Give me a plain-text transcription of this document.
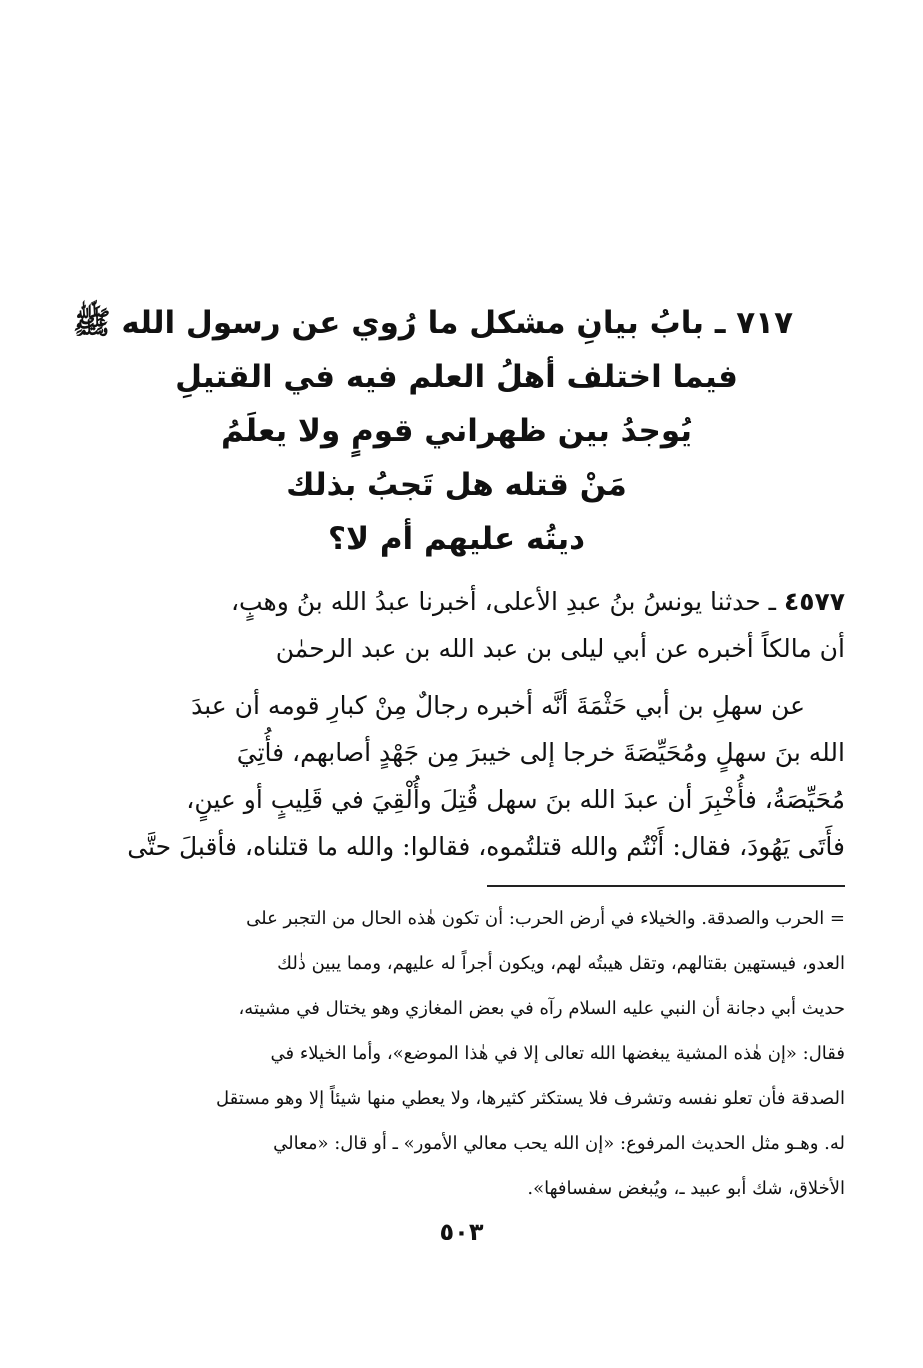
٧١٧ ـ بابُ بيانِ مشكل ما رُوي عن رسول الله ﷺ
فيما اختلف أهلُ العلم فيه في القتيلِ
يُوجدُ بين ظهراني قومٍ ولا يعلَمُ
مَنْ قتله هل تَجبُ بذلك
ديتُه عليهم أم لا؟
٤٥٧٧ ـ حدثنا يونسُ بنُ عبدِ الأعلى، أخبرنا عبدُ الله بنُ وهبٍ،
أن مالكاً أخبره عن أبي ليلى بن عبد الله بن عبد الرحمٰن
عن سهلِ بن أبي حَثْمَةَ أنَّه أخبره رجالٌ مِنْ كبارِ قومه أن عبدَ
الله بنَ سهلٍ ومُحَيِّصَةَ خرجا إلى خيبرَ مِن جَهْدٍ أصابهم، فأُتِيَ
مُحَيِّصَةُ، فأُخْبِرَ أن عبدَ الله بنَ سهل قُتِلَ وأُلْقِيَ في قَلِيبٍ أو عينٍ،
فأَتَى يَهُودَ، فقال: أَنْتُم والله قتلتُموه، فقالوا: والله ما قتلناه، فأقبلَ حتَّى
= الحرب والصدقة. والخيلاء في أرض الحرب: أن تكون هٰذه الحال من التجبر على
العدو، فيستهين بقتالهم، وتقل هيبتُه لهم، ويكون أجراً له عليهم، ومما يبين ذٰلك
حديث أبي دجانة أن النبي عليه السلام رآه في بعض المغازي وهو يختال في مشيته،
فقال: «إن هٰذه المشية يبغضها الله تعالى إلا في هٰذا الموضع»، وأما الخيلاء في
الصدقة فأن تعلو نفسه وتشرف فلا يستكثر كثيرها، ولا يعطي منها شيئاً إلا وهو مستقل
له. وهـو مثل الحديث المرفوع: «إن الله يحب معالي الأمور» ـ أو قال: «معالي
الأخلاق، شك أبو عبيد ـ، ويُبغض سفسافها».
٥٠٣
